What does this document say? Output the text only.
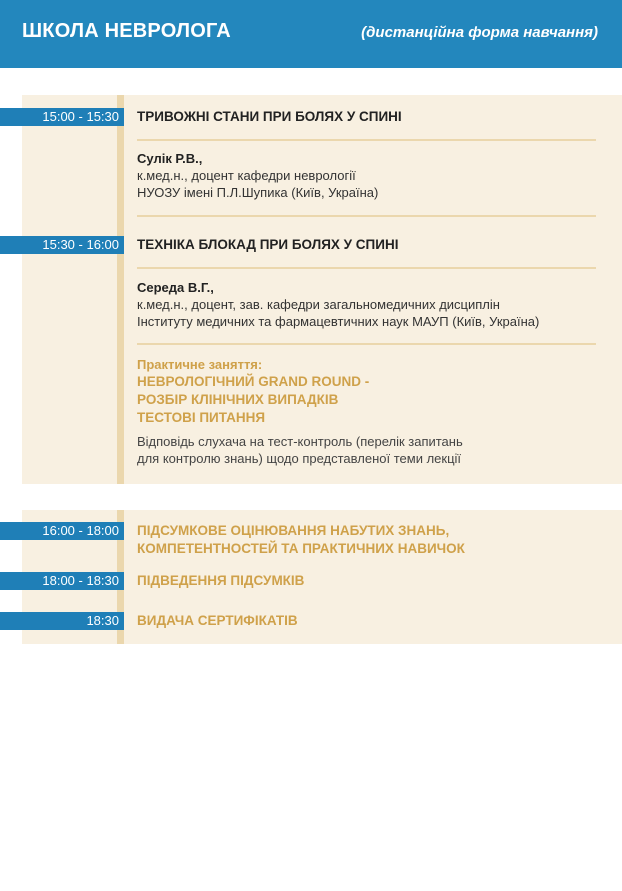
ШКОЛА НЕВРОЛОГА	(дистанційна форма навчання)
15:00 - 15:30	ТРИВОЖНІ СТАНИ ПРИ БОЛЯХ У СПИНІ
Сулік Р.В.,
к.мед.н., доцент кафедри неврології
НУОЗУ імені П.Л.Шупика (Київ, Україна)
15:30 - 16:00	ТЕХНІКА БЛОКАД ПРИ БОЛЯХ У СПИНІ
Середа В.Г.,
к.мед.н., доцент, зав. кафедри загальномедичних дисциплін
Інституту медичних та фармацевтичних наук МАУП (Київ, Україна)
Практичне заняття:
НЕВРОЛОГІЧНИЙ GRAND ROUND -
РОЗБІР КЛІНІЧНИХ ВИПАДКІВ
ТЕСТОВІ ПИТАННЯ
Відповідь слухача на тест-контроль (перелік запитань
для контролю знань) щодо представленої теми лекції
16:00 - 18:00	ПІДСУМКОВЕ ОЦІНЮВАННЯ НАБУТИХ ЗНАНЬ,
КОМПЕТЕНТНОСТЕЙ ТА ПРАКТИЧНИХ НАВИЧОК
18:00 - 18:30	ПІДВЕДЕННЯ ПІДСУМКІВ
18:30	ВИДАЧА СЕРТИФІКАТІВ
